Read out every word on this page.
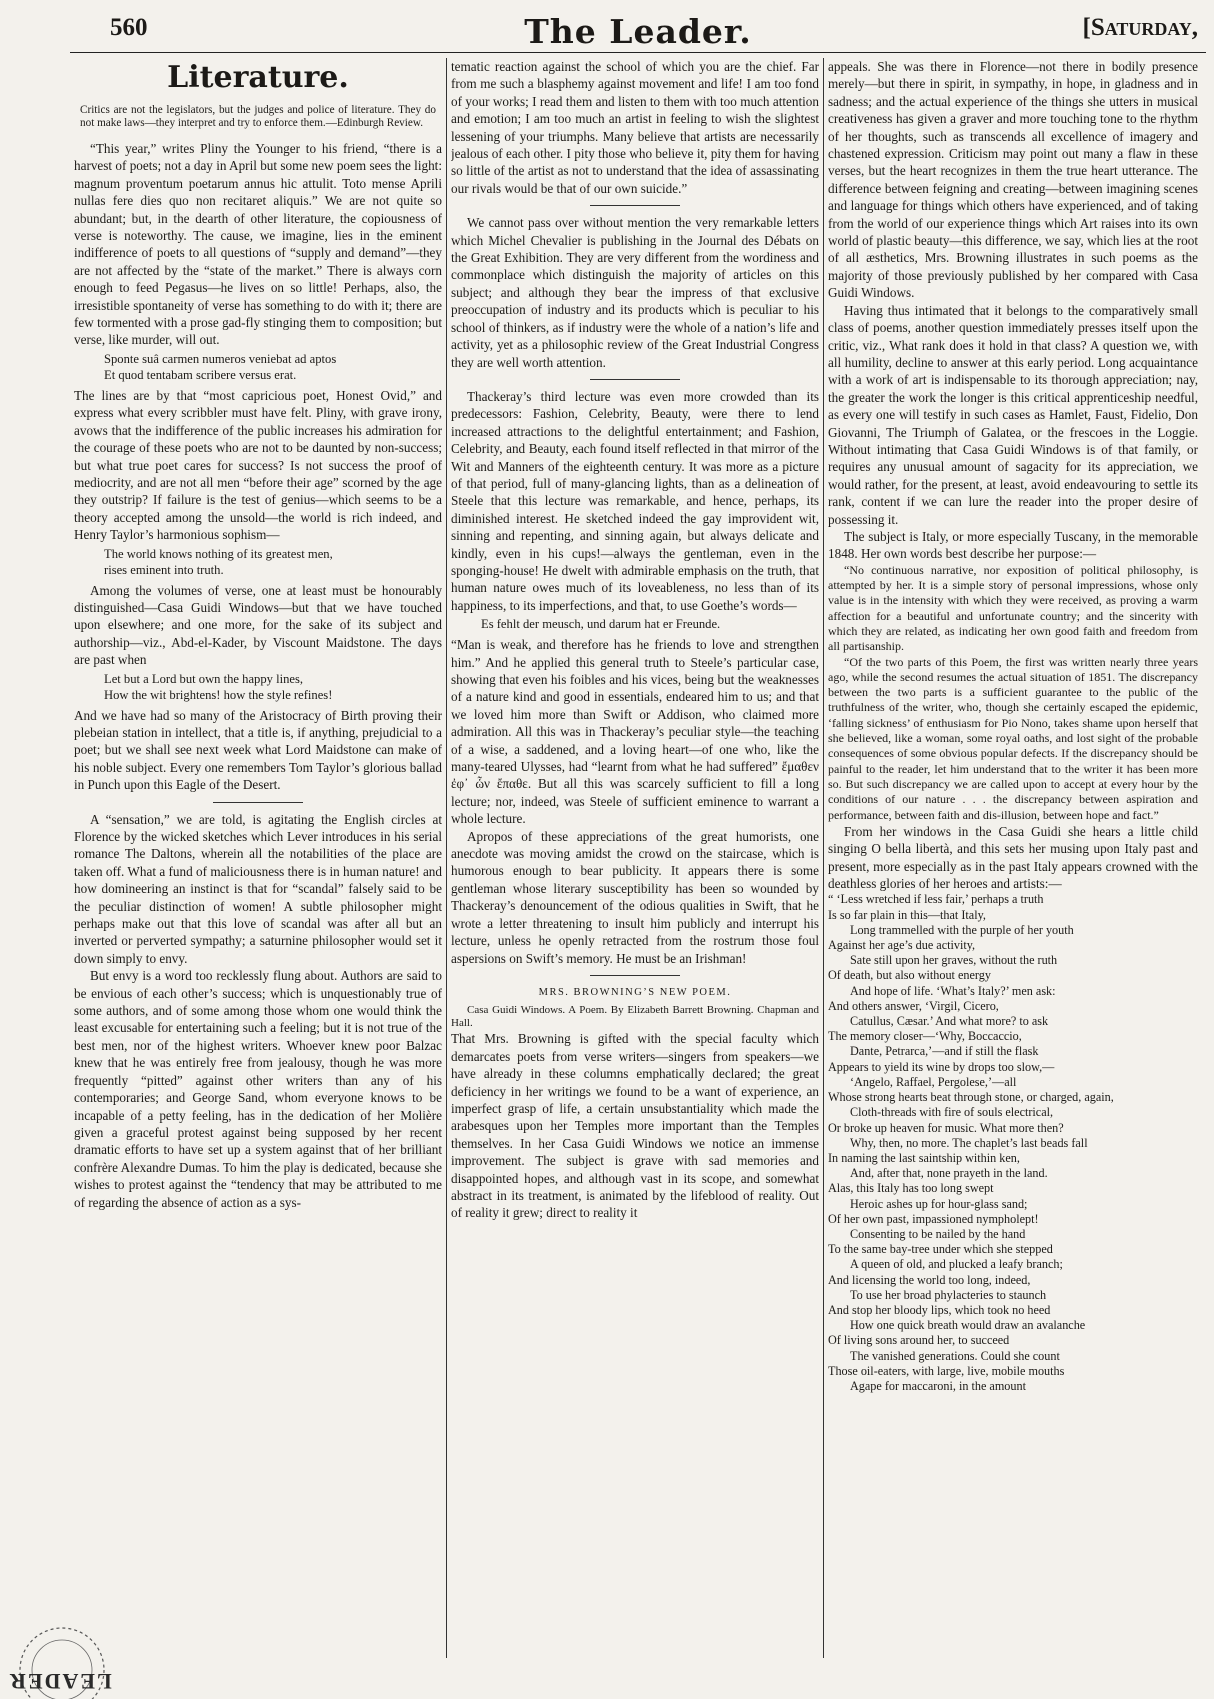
560	The Leader.	[Saturday,
Literature.
Critics are not the legislators, but the judges and police of literature. They do not make laws—they interpret and try to enforce them.—Edinburgh Review.

“This year,” writes Pliny the Younger to his friend, “there is a harvest of poets; not a day in April but some new poem sees the light: magnum proventum poetarum annus hic attulit. Toto mense Aprili nullas fere dies quo non recitaret aliquis.” We are not quite so abundant; but, in the dearth of other literature, the copiousness of verse is noteworthy. The cause, we imagine, lies in the eminent indifference of poets to all questions of “supply and demand”—they are not affected by the “state of the market.” There is always corn enough to feed Pegasus—he lives on so little! Perhaps, also, the irresistible spontaneity of verse has something to do with it; there are few tormented with a prose gad-fly stinging them to composition; but verse, like murder, will out.

Sponte suâ carmen numeros veniebat ad aptos
Et quod tentabam scribere versus erat.

The lines are by that “most capricious poet, Honest Ovid,” and express what every scribbler must have felt. Pliny, with grave irony, avows that the indifference of the public increases his admiration for the courage of these poets who are not to be daunted by non-success; but what true poet cares for success? Is not success the proof of mediocrity, and are not all men “before their age” scorned by the age they outstrip? If failure is the test of genius—which seems to be a theory accepted among the unsold—the world is rich indeed, and Henry Taylor’s harmonious sophism—

The world knows nothing of its greatest men,
rises eminent into truth.

Among the volumes of verse, one at least must be honourably distinguished—Casa Guidi Windows—but that we have touched upon elsewhere; and one more, for the sake of its subject and authorship—viz., Abd-el-Kader, by Viscount Maidstone. The days are past when

Let but a Lord but own the happy lines,
How the wit brightens! how the style refines!

And we have had so many of the Aristocracy of Birth proving their plebeian station in intellect, that a title is, if anything, prejudicial to a poet; but we shall see next week what Lord Maidstone can make of his noble subject. Every one remembers Tom Taylor’s glorious ballad in Punch upon this Eagle of the Desert.

A “sensation,” we are told, is agitating the English circles at Florence by the wicked sketches which Lever introduces in his serial romance The Daltons, wherein all the notabilities of the place are taken off. What a fund of maliciousness there is in human nature! and how domineering an instinct is that for “scandal” falsely said to be the peculiar distinction of women! A subtle philosopher might perhaps make out that this love of scandal was after all but an inverted or perverted sympathy; a saturnine philosopher would set it down simply to envy.

But envy is a word too recklessly flung about. Authors are said to be envious of each other’s success; which is unquestionably true of some authors, and of some among those whom one would think the least excusable for entertaining such a feeling; but it is not true of the best men, nor of the highest writers. Whoever knew poor Balzac knew that he was entirely free from jealousy, though he was more frequently “pitted” against other writers than any of his contemporaries; and George Sand, whom everyone knows to be incapable of a petty feeling, has in the dedication of her Molière given a graceful protest against being supposed by her recent dramatic efforts to have set up a system against that of her brilliant confrère Alexandre Dumas. To him the play is dedicated, because she wishes to protest against the “tendency that may be attributed to me of regarding the absence of action as a sys-

tematic reaction against the school of which you are the chief. Far from me such a blasphemy against movement and life! I am too fond of your works; I read them and listen to them with too much attention and emotion; I am too much an artist in feeling to wish the slightest lessening of your triumphs. Many believe that artists are necessarily jealous of each other. I pity those who believe it, pity them for having so little of the artist as not to understand that the idea of assassinating our rivals would be that of our own suicide.”

We cannot pass over without mention the very remarkable letters which Michel Chevalier is publishing in the Journal des Débats on the Great Exhibition. They are very different from the wordiness and commonplace which distinguish the majority of articles on this subject; and although they bear the impress of that exclusive preoccupation of industry and its products which is peculiar to his school of thinkers, as if industry were the whole of a nation’s life and activity, yet as a philosophic review of the Great Industrial Congress they are well worth attention.

Thackeray’s third lecture was even more crowded than its predecessors: Fashion, Celebrity, Beauty, were there to lend increased attractions to the delightful entertainment; and Fashion, Celebrity, and Beauty, each found itself reflected in that mirror of the Wit and Manners of the eighteenth century. It was more as a picture of that period, full of many-glancing lights, than as a delineation of Steele that this lecture was remarkable, and hence, perhaps, its diminished interest. He sketched indeed the gay improvident wit, sinning and repenting, and sinning again, but always delicate and kindly, even in his cups!—always the gentleman, even in the sponging-house! He dwelt with admirable emphasis on the truth, that human nature owes much of its loveableness, no less than of its happiness, to its imperfections, and that, to use Goethe’s words—

Es fehlt der meusch, und darum hat er Freunde.

“Man is weak, and therefore has he friends to love and strengthen him.” And he applied this general truth to Steele’s particular case, showing that even his foibles and his vices, being but the weaknesses of a nature kind and good in essentials, endeared him to us; and that we loved him more than Swift or Addison, who claimed more admiration. All this was in Thackeray’s peculiar style—the teaching of a wise, a saddened, and a loving heart—of one who, like the many-teared Ulysses, had “learnt from what he had suffered” ἔμαθεν ἐφ᾽ ὧν ἔπαθε. But all this was scarcely sufficient to fill a long lecture; nor, indeed, was Steele of sufficient eminence to warrant a whole lecture.

Apropos of these appreciations of the great humorists, one anecdote was moving amidst the crowd on the staircase, which is humorous enough to bear publicity. It appears there is some gentleman whose literary susceptibility has been so wounded by Thackeray’s denouncement of the odious qualities in Swift, that he wrote a letter threatening to insult him publicly and interrupt his lecture, unless he openly retracted from the rostrum those foul aspersions on Swift’s memory. He must be an Irishman!

MRS. BROWNING’S NEW POEM.

Casa Guidi Windows. A Poem. By Elizabeth Barrett Browning. Chapman and Hall.

That Mrs. Browning is gifted with the special faculty which demarcates poets from verse writers—singers from speakers—we have already in these columns emphatically declared; the great deficiency in her writings we found to be a want of experience, an imperfect grasp of life, a certain unsubstantiality which made the arabesques upon her Temples more important than the Temples themselves. In her Casa Guidi Windows we notice an immense improvement. The subject is grave with sad memories and disappointed hopes, and although vast in its scope, and somewhat abstract in its treatment, is animated by the lifeblood of reality. Out of reality it grew; direct to reality it

appeals. She was there in Florence—not there in bodily presence merely—but there in spirit, in sympathy, in hope, in gladness and in sadness; and the actual experience of the things she utters in musical creativeness has given a graver and more touching tone to the rhythm of her thoughts, such as transcends all excellence of imagery and chastened expression. Criticism may point out many a flaw in these verses, but the heart recognizes in them the true heart utterance. The difference between feigning and creating—between imagining scenes and language for things which others have experienced, and of taking from the world of our experience things which Art raises into its own world of plastic beauty—this difference, we say, which lies at the root of all æsthetics, Mrs. Browning illustrates in such poems as the majority of those previously published by her compared with Casa Guidi Windows.

Having thus intimated that it belongs to the comparatively small class of poems, another question immediately presses itself upon the critic, viz., What rank does it hold in that class? A question we, with all humility, decline to answer at this early period. Long acquaintance with a work of art is indispensable to its thorough appreciation; nay, the greater the work the longer is this critical apprenticeship needful, as every one will testify in such cases as Hamlet, Faust, Fidelio, Don Giovanni, The Triumph of Galatea, or the frescoes in the Loggie. Without intimating that Casa Guidi Windows is of that family, or requires any unusual amount of sagacity for its appreciation, we would rather, for the present, at least, avoid endeavouring to settle its rank, content if we can lure the reader into the proper desire of possessing it.

The subject is Italy, or more especially Tuscany, in the memorable 1848. Her own words best describe her purpose:—

“No continuous narrative, nor exposition of political philosophy, is attempted by her. It is a simple story of personal impressions, whose only value is in the intensity with which they were received, as proving a warm affection for a beautiful and unfortunate country; and the sincerity with which they are related, as indicating her own good faith and freedom from all partisanship.

“Of the two parts of this Poem, the first was written nearly three years ago, while the second resumes the actual situation of 1851. The discrepancy between the two parts is a sufficient guarantee to the public of the truthfulness of the writer, who, though she certainly escaped the epidemic, ‘falling sickness’ of enthusiasm for Pio Nono, takes shame upon herself that she believed, like a woman, some royal oaths, and lost sight of the probable consequences of some obvious popular defects. If the discrepancy should be painful to the reader, let him understand that to the writer it has been more so. But such discrepancy we are called upon to accept at every hour by the conditions of our nature . . . the discrepancy between aspiration and performance, between faith and dis-illusion, between hope and fact.”

From her windows in the Casa Guidi she hears a little child singing O bella libertà, and this sets her musing upon Italy past and present, more especially as in the past Italy appears crowned with the deathless glories of her heroes and artists:—

“ ‘Less wretched if less fair,’ perhaps a truth
Is so far plain in this—that Italy,
Long trammelled with the purple of her youth
Against her age’s due activity,
Sate still upon her graves, without the ruth
Of death, but also without energy
And hope of life. ‘What’s Italy?’ men ask:
And others answer, ‘Virgil, Cicero,
Catullus, Cæsar.’ And what more? to ask
The memory closer—‘Why, Boccaccio,
Dante, Petrarca,’—and if still the flask
Appears to yield its wine by drops too slow,—
‘Angelo, Raffael, Pergolese,’—all
Whose strong hearts beat through stone, or charged, again,
Cloth-threads with fire of souls electrical,
Or broke up heaven for music. What more then?
Why, then, no more. The chaplet’s last beads fall
In naming the last saintship within ken,
And, after that, none prayeth in the land.
Alas, this Italy has too long swept
Heroic ashes up for hour-glass sand;
Of her own past, impassioned nympholept!
Consenting to be nailed by the hand
To the same bay-tree under which she stepped
A queen of old, and plucked a leafy branch;
And licensing the world too long, indeed,
To use her broad phylacteries to staunch
And stop her bloody lips, which took no heed
How one quick breath would draw an avalanche
Of living sons around her, to succeed
The vanished generations. Could she count
Those oil-eaters, with large, live, mobile mouths
Agape for maccaroni, in the amount
LEADER
